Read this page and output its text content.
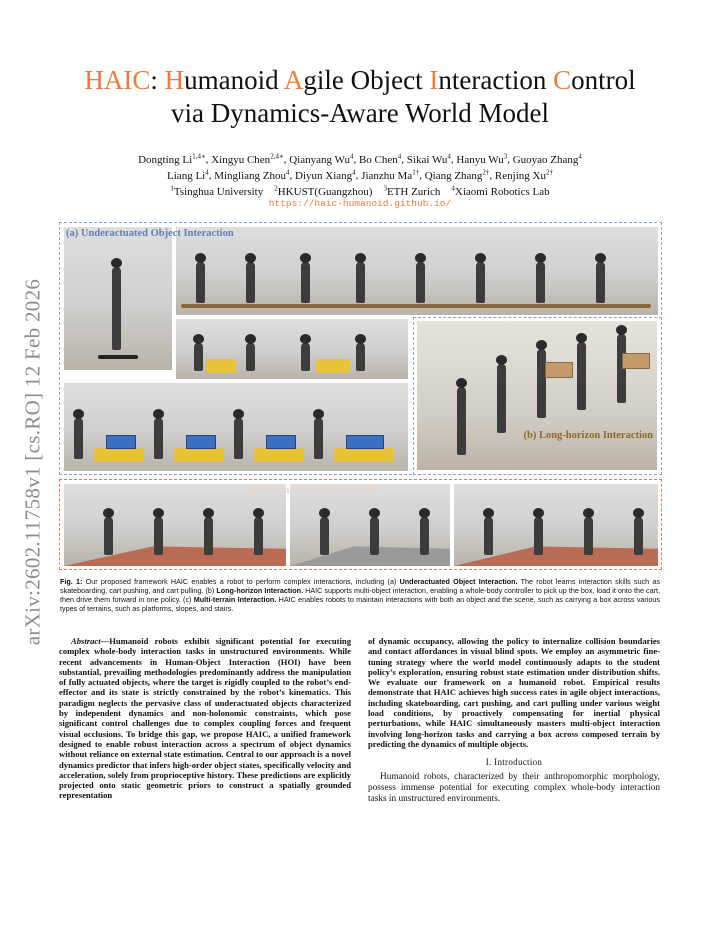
arXiv:2602.11758v1 [cs.RO] 12 Feb 2026
HAIC: Humanoid Agile Object Interaction Control
via Dynamics-Aware World Model
Dongting $Li^{1,4∗}$, Xingyu Chen$^{2,4∗}$, Qianyang Wu$^4$, Bo Chen$^4$, Sikai Wu$^4$, Hanyu Wu$^3$, Guoyao Zhang$^4$
Liang Li$^4$, Mingliang Zhou$^4$, Diyun Xiang$^4$, Jianzhu $Ma^{1\dagger}$, Qiang Zhang$^{2\dagger}$, Renjing $Xu^{2\dagger}$
$^1$Tsinghua University  $^2$HKUST(Guangzhou)  $^3$ETH Zurich  $^4$Xiaomi Robotics Lab
https://haic-humanoid.github.io/
(a) Underactuated Object Interaction
(b) Long-horizon Interaction
(c) Multi-terrain Interaction
Fig. 1: Our proposed framework HAIC enables a robot to perform complex interactions, including (a) Underactuated Object Interaction. The robot learns interaction skills such as skateboarding, cart pushing, and cart pulling. (b) Long-horizon Interaction. HAIC supports multi-object interaction, enabling a whole-body controller to pick up the box, load it onto the cart, then drive them forward in one policy. (c) Multi-terrain Interaction. HAIC enables robots to maintain interactions with both an object and the scene, such as carrying a box across various types of terrains, such as platforms, slopes, and stairs.

Abstract—Humanoid robots exhibit significant potential for executing complex whole-body interaction tasks in unstructured environments. While recent advancements in Human-Object Interaction (HOI) have been substantial, prevailing methodologies predominantly address the manipulation of fully actuated objects, where the target is rigidly coupled to the robot’s end-effector and its state is strictly constrained by the robot’s kinematics. This paradigm neglects the pervasive class of underactuated objects characterized by independent dynamics and non-holonomic constraints, which pose significant control challenges due to complex coupling forces and frequent visual occlusions. To bridge this gap, we propose HAIC, a unified framework designed to enable robust interaction across a spectrum of object dynamics without reliance on external state estimation. Central to our approach is a novel dynamics predictor that infers high-order object states, specifically velocity and acceleration, solely from proprioceptive history. These predictions are explicitly projected onto static geometric priors to construct a spatially grounded representation

of dynamic occupancy, allowing the policy to internalize collision boundaries and contact affordances in visual blind spots. We employ an asymmetric fine-tuning strategy where the world model continuously adapts to the student policy’s exploration, ensuring robust state estimation under distribution shifts. We evaluate our framework on a humanoid robot. Empirical results demonstrate that HAIC achieves high success rates in agile object interactions, including skateboarding, cart pushing, and cart pulling under various weight load conditions, by proactively compensating for inertial physical perturbations, while HAIC simultaneously masters multi-object interaction involving long-horizon tasks and carrying a box across composed terrain by predicting the dynamics of multiple objects.

I. Introduction

Humanoid robots, characterized by their anthropomorphic morphology, possess immense potential for executing complex whole-body interaction tasks in unstructured environments.
